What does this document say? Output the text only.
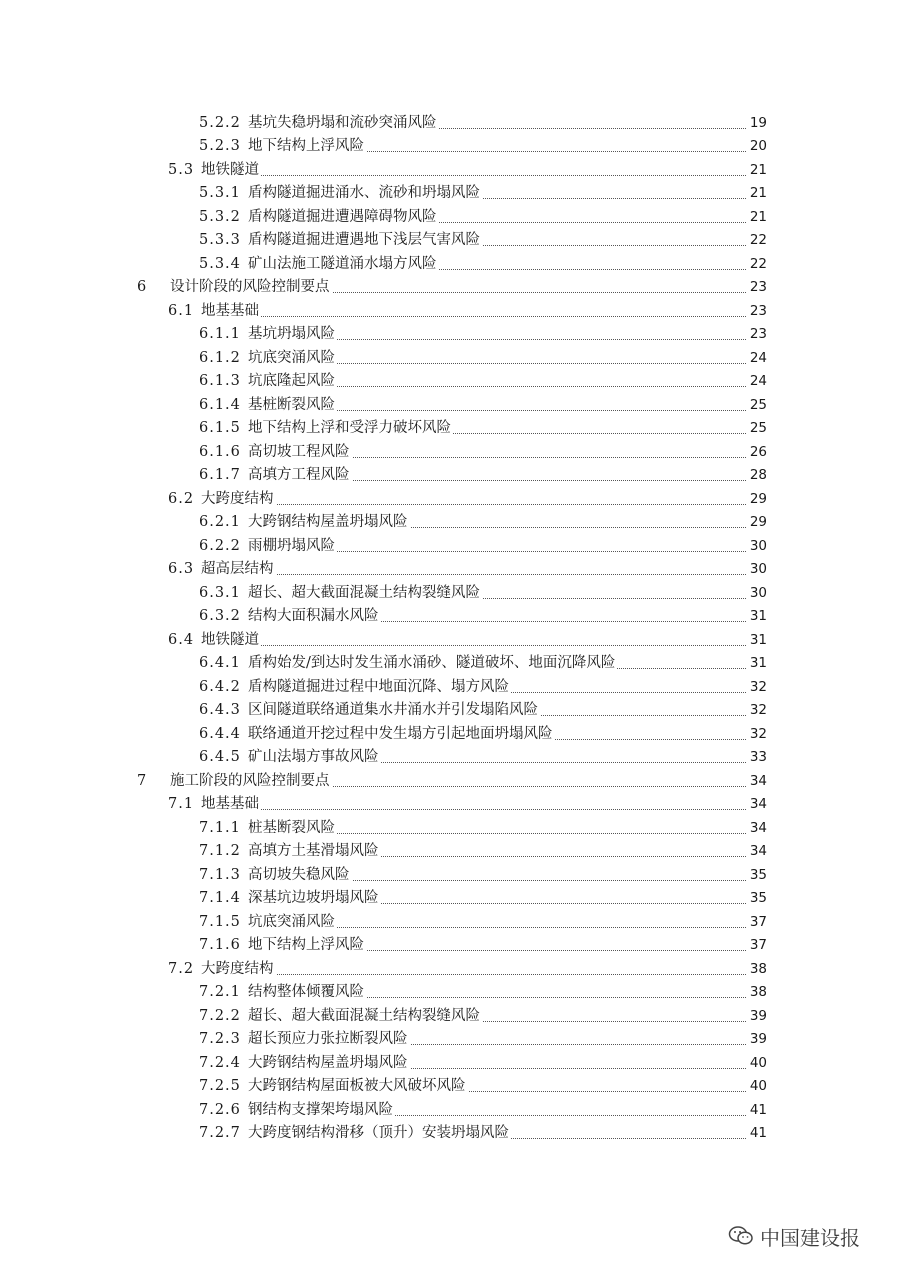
5.2.2 基坑失稳坍塌和流砂突涌风险	19
5.2.3 地下结构上浮风险	20
5.3 地铁隧道	21
5.3.1 盾构隧道掘进涌水、流砂和坍塌风险	21
5.3.2 盾构隧道掘进遭遇障碍物风险	21
5.3.3 盾构隧道掘进遭遇地下浅层气害风险	22
5.3.4 矿山法施工隧道涌水塌方风险	22
6 设计阶段的风险控制要点	23
6.1 地基基础	23
6.1.1 基坑坍塌风险	23
6.1.2 坑底突涌风险	24
6.1.3 坑底隆起风险	24
6.1.4 基桩断裂风险	25
6.1.5 地下结构上浮和受浮力破坏风险	25
6.1.6 高切坡工程风险	26
6.1.7 高填方工程风险	28
6.2 大跨度结构	29
6.2.1 大跨钢结构屋盖坍塌风险	29
6.2.2 雨棚坍塌风险	30
6.3 超高层结构	30
6.3.1 超长、超大截面混凝土结构裂缝风险	30
6.3.2 结构大面积漏水风险	31
6.4 地铁隧道	31
6.4.1 盾构始发/到达时发生涌水涌砂、隧道破坏、地面沉降风险	31
6.4.2 盾构隧道掘进过程中地面沉降、塌方风险	32
6.4.3 区间隧道联络通道集水井涌水并引发塌陷风险	32
6.4.4 联络通道开挖过程中发生塌方引起地面坍塌风险	32
6.4.5 矿山法塌方事故风险	33
7 施工阶段的风险控制要点	34
7.1 地基基础	34
7.1.1 桩基断裂风险	34
7.1.2 高填方土基滑塌风险	34
7.1.3 高切坡失稳风险	35
7.1.4 深基坑边坡坍塌风险	35
7.1.5 坑底突涌风险	37
7.1.6 地下结构上浮风险	37
7.2 大跨度结构	38
7.2.1 结构整体倾覆风险	38
7.2.2 超长、超大截面混凝土结构裂缝风险	39
7.2.3 超长预应力张拉断裂风险	39
7.2.4 大跨钢结构屋盖坍塌风险	40
7.2.5 大跨钢结构屋面板被大风破坏风险	40
7.2.6 钢结构支撑架垮塌风险	41
7.2.7 大跨度钢结构滑移（顶升）安装坍塌风险	41
中国建设报
